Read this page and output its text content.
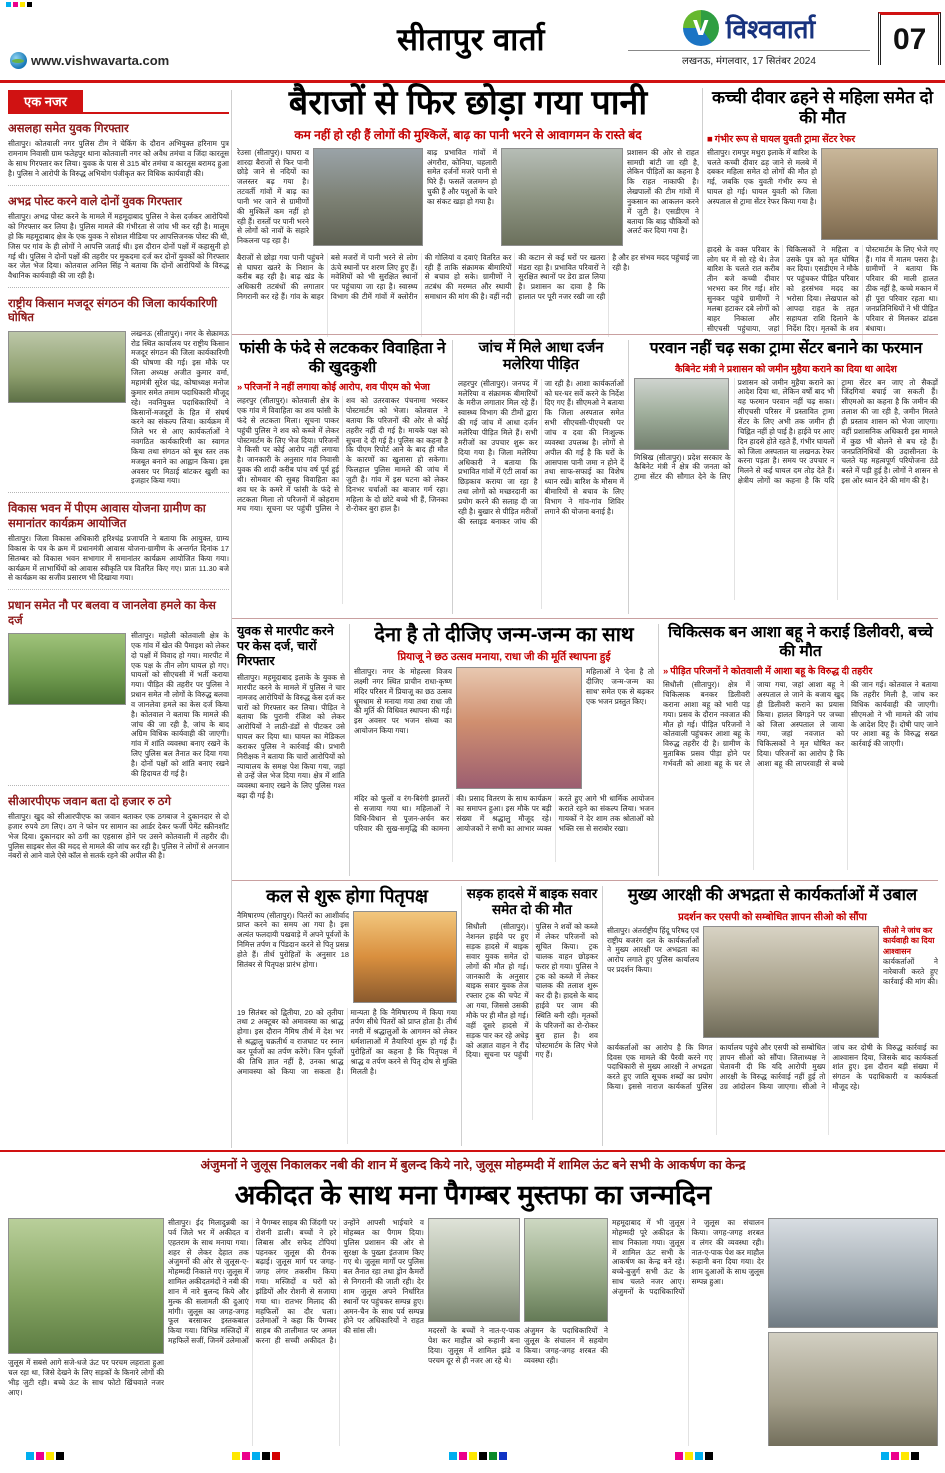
www.vishwavarta.com
सीतापुर वार्ता V	विश्ववार्ता
लखनऊ, मंगलवार, 17 सितंबर 2024
07
एक नजर
असलहा समेत युवक गिरफ्तार
सीतापुर। कोतवाली नगर पुलिस टीम ने चेकिंग के दौरान अभियुक्त हरिनाम पुत्र रामनाम निवासी ग्राम फतेहपुर थाना कोतवाली नगर को अवैध तमंचा व जिंदा कारतूस के साथ गिरफ्तार कर लिया। युवक के पास से 315 बोर तमंचा व कारतूस बरामद हुआ है। पुलिस ने आरोपी के विरुद्ध अभियोग पंजीकृत कर विधिक कार्यवाही की।
अभद्र पोस्ट करने वाले दोनों युवक गिरफ्तार
सीतापुर। अभद्र पोस्ट करने के मामले में महमूदाबाद पुलिस ने केस दर्जकर आरोपियों को गिरफ्तार कर लिया है। पुलिस मामले की गंभीरता से जांच भी कर रही है। मालूम हो कि महमूदाबाद क्षेत्र के एक युवक ने सोशल मीडिया पर आपत्तिजनक पोस्ट की थी, जिस पर गांव के ही लोगों ने आपत्ति जताई थी। इस दौरान दोनों पक्षों में कहासुनी हो गई थी। पुलिस ने दोनों पक्षों की तहरीर पर मुकदमा दर्ज कर दोनों युवकों को गिरफ्तार कर जेल भेज दिया। कोतवाल अनिल सिंह ने बताया कि दोनों आरोपियों के विरुद्ध वैधानिक कार्यवाही की जा रही है।
राष्ट्रीय किसान मजदूर संगठन की जिला कार्यकारिणी घोषित
लखनऊ (सीतापुर)। नगर के सेक्रामऊ रोड स्थित कार्यालय पर राष्ट्रीय किसान मजदूर संगठन की जिला कार्यकारिणी की घोषणा की गई। इस मौके पर जिला अध्यक्ष अजीत कुमार वर्मा, महामंत्री सुरेश चंद्र, कोषाध्यक्ष मनोज कुमार समेत तमाम पदाधिकारी मौजूद रहे। नवनियुक्त पदाधिकारियों ने किसानों-मजदूरों के हित में संघर्ष करने का संकल्प लिया। कार्यक्रम में जिले भर से आए कार्यकर्ताओं ने नवगठित कार्यकारिणी का स्वागत किया तथा संगठन को बूथ स्तर तक मजबूत बनाने का आह्वान किया। इस अवसर पर मिठाई बांटकर खुशी का इजहार किया गया।
विकास भवन में पीएम आवास योजना ग्रामीण का समानांतर कार्यक्रम आयोजित
सीतापुर। जिला विकास अधिकारी हरिश्चंद्र प्रजापति ने बताया कि आयुक्त, ग्राम्य विकास के पत्र के क्रम में प्रधानमंत्री आवास योजना-ग्रामीण के अन्तर्गत दिनांक 17 सितम्बर को विकास भवन सभागार में समानांतर कार्यक्रम आयोजित किया गया। कार्यक्रम में लाभार्थियों को आवास स्वीकृति पत्र वितरित किए गए। प्रातः 11.30 बजे से कार्यक्रम का सजीव प्रसारण भी दिखाया गया।
प्रधान समेत नौ पर बलवा व जानलेवा हमले का केस दर्ज
सीतापुर। महोली कोतवाली क्षेत्र के एक गांव में खेत की पैमाइश को लेकर दो पक्षों में विवाद हो गया। मारपीट में एक पक्ष के तीन लोग घायल हो गए। घायलों को सीएचसी में भर्ती कराया गया। पीड़ित की तहरीर पर पुलिस ने प्रधान समेत नौ लोगों के विरुद्ध बलवा व जानलेवा हमले का केस दर्ज किया है। कोतवाल ने बताया कि मामले की जांच की जा रही है, जांच के बाद अग्रिम विधिक कार्यवाही की जाएगी। गांव में शांति व्यवस्था बनाए रखने के लिए पुलिस बल तैनात कर दिया गया है। दोनों पक्षों को शांति बनाए रखने की हिदायत दी गई है।
सीआरपीएफ जवान बता दो हजार रु ठगे
सीतापुर। खुद को सीआरपीएफ का जवान बताकर एक ठगबाज ने दुकानदार से दो हजार रुपये ठग लिए। ठग ने फोन पर सामान का आर्डर देकर फर्जी पेमेंट स्क्रीनशॉट भेज दिया। दुकानदार को ठगी का एहसास होने पर उसने कोतवाली में तहरीर दी। पुलिस साइबर सेल की मदद से मामले की जांच कर रही है। पुलिस ने लोगों से अनजान नंबरों से आने वाले ऐसे कॉल से सतर्क रहने की अपील की है।
बैराजों से फिर छोड़ा गया पानी
कम नहीं हो रही हैं लोगों की मुश्किलें, बाढ़ का पानी भरने से आवागमन के रास्ते बंद
रेउसा (सीतापुर)। घाघरा व शारदा बैराजों से फिर पानी छोड़े जाने से नदियों का जलस्तर बढ़ गया है। तटवर्ती गांवों में बाढ़ का पानी भर जाने से ग्रामीणों की मुश्किलें कम नहीं हो रही हैं। रास्तों पर पानी भरने से लोगों को नावों के सहारे निकलना पड़ रहा है।
बाढ़ प्रभावित गांवों में अंगरौरा, कोनिया, चहलारी समेत दर्जनों मजरे पानी से घिरे हैं। फसलें जलमग्न हो चुकी हैं और पशुओं के चारे का संकट खड़ा हो गया है।
प्रशासन की ओर से राहत सामग्री बांटी जा रही है, लेकिन पीड़ितों का कहना है कि राहत नाकाफी है। लेखपालों की टीम गांवों में नुकसान का आकलन करने में जुटी है। एसडीएम ने बताया कि बाढ़ चौकियों को अलर्ट कर दिया गया है।
बैराजों से छोड़ा गया पानी पहुंचने से घाघरा खतरे के निशान के करीब बह रही है। बाढ़ खंड के अधिकारी तटबंधों की लगातार निगरानी कर रहे हैं। गांव के बाहर बसे मजरों में पानी भरने से लोग ऊंचे स्थानों पर शरण लिए हुए हैं। मवेशियों को भी सुरक्षित स्थानों पर पहुंचाया जा रहा है। स्वास्थ्य विभाग की टीमें गांवों में क्लोरीन की गोलियां व दवाएं वितरित कर रही हैं ताकि संक्रामक बीमारियों से बचाव हो सके। ग्रामीणों ने तटबंध की मरम्मत और स्थायी समाधान की मांग की है। वहीं नदी की कटान से कई घरों पर खतरा मंडरा रहा है। प्रभावित परिवारों ने सुरक्षित स्थानों पर डेरा डाल लिया है। प्रशासन का दावा है कि हालात पर पूरी नजर रखी जा रही है और हर संभव मदद पहुंचाई जा रही है।
कच्ची दीवार ढहने से महिला समेत दो की मौत
■ गंभीर रूप से घायल युवती ट्रामा सेंटर रेफर
सीतापुर। रामपुर मथुरा इलाके में बारिश के चलते कच्ची दीवार ढह जाने से मलबे में दबकर महिला समेत दो लोगों की मौत हो गई, जबकि एक युवती गंभीर रूप से घायल हो गई। घायल युवती को जिला अस्पताल से ट्रामा सेंटर रेफर किया गया है।
हादसे के वक्त परिवार के लोग घर में सो रहे थे। तेज बारिश के चलते रात करीब तीन बजे कच्ची दीवार भरभरा कर गिर गई। शोर सुनकर पहुंचे ग्रामीणों ने मलबा हटाकर दबे लोगों को बाहर निकाला और सीएचसी पहुंचाया, जहां चिकित्सकों ने महिला व उसके पुत्र को मृत घोषित कर दिया। एसडीएम ने मौके पर पहुंचकर पीड़ित परिवार को हरसंभव मदद का भरोसा दिया। लेखपाल को आपदा राहत के तहत सहायता राशि दिलाने के निर्देश दिए। मृतकों के शव पोस्टमार्टम के लिए भेजे गए हैं। गांव में मातम पसरा है। ग्रामीणों ने बताया कि परिवार की माली हालत ठीक नहीं है, कच्चे मकान में ही पूरा परिवार रहता था। जनप्रतिनिधियों ने भी पीड़ित परिवार से मिलकर ढांढस बंधाया।
फांसी के फंदे से लटककर विवाहिता ने की खुदकुशी
» परिजनों ने नहीं लगाया कोई आरोप, शव पीएम को भेजा
लहरपुर (सीतापुर)। कोतवाली क्षेत्र के एक गांव में विवाहिता का शव फांसी के फंदे से लटकता मिला। सूचना पाकर पहुंची पुलिस ने शव को कब्जे में लेकर पोस्टमार्टम के लिए भेज दिया। परिजनों ने किसी पर कोई आरोप नहीं लगाया है। जानकारी के अनुसार गांव निवासी युवक की शादी करीब पांच वर्ष पूर्व हुई थी। सोमवार की सुबह विवाहिता का शव घर के कमरे में फांसी के फंदे से लटकता मिला तो परिजनों में कोहराम मच गया। सूचना पर पहुंची पुलिस ने शव को उतरवाकर पंचनामा भरकर पोस्टमार्टम को भेजा। कोतवाल ने बताया कि परिजनों की ओर से कोई तहरीर नहीं दी गई है। मायके पक्ष को सूचना दे दी गई है। पुलिस का कहना है कि पीएम रिपोर्ट आने के बाद ही मौत के कारणों का खुलासा हो सकेगा। फिलहाल पुलिस मामले की जांच में जुटी है। गांव में इस घटना को लेकर दिनभर चर्चाओं का बाजार गर्म रहा। महिला के दो छोटे बच्चे भी हैं, जिनका रो-रोकर बुरा हाल है।
जांच में मिले आधा दर्जन मलेरिया पीड़ित
लहरपुर (सीतापुर)। जनपद में मलेरिया व संक्रामक बीमारियों के मरीज लगातार मिल रहे हैं। स्वास्थ्य विभाग की टीमों द्वारा की गई जांच में आधा दर्जन मलेरिया पीड़ित मिले हैं। सभी मरीजों का उपचार शुरू कर दिया गया है। जिला मलेरिया अधिकारी ने बताया कि प्रभावित गांवों में एंटी लार्वा का छिड़काव कराया जा रहा है तथा लोगों को मच्छरदानी का प्रयोग करने की सलाह दी जा रही है। बुखार से पीड़ित मरीजों की स्लाइड बनाकर जांच की जा रही है। आशा कार्यकर्ताओं को घर-घर सर्वे करने के निर्देश दिए गए हैं। सीएमओ ने बताया कि जिला अस्पताल समेत सभी सीएचसी-पीएचसी पर जांच व दवा की निःशुल्क व्यवस्था उपलब्ध है। लोगों से अपील की गई है कि घरों के आसपास पानी जमा न होने दें तथा साफ-सफाई का विशेष ध्यान रखें। बारिश के मौसम में बीमारियों से बचाव के लिए विभाग ने गांव-गांव शिविर लगाने की योजना बनाई है।
परवान नहीं चढ़ सका ट्रामा सेंटर बनाने का फरमान
कैबिनेट मंत्री ने प्रशासन को जमीन मुहैया कराने का दिया था आदेश
मिश्रिख (सीतापुर)। प्रदेश सरकार के कैबिनेट मंत्री ने क्षेत्र की जनता को ट्रामा सेंटर की सौगात देने के लिए प्रशासन को जमीन मुहैया कराने का आदेश दिया था, लेकिन वर्षों बाद भी यह फरमान परवान नहीं चढ़ सका। सीएचसी परिसर में प्रस्तावित ट्रामा सेंटर के लिए अभी तक जमीन ही चिह्नित नहीं हो पाई है। हाईवे पर आए दिन हादसे होते रहते हैं, गंभीर घायलों को जिला अस्पताल या लखनऊ रेफर करना पड़ता है। समय पर उपचार न मिलने से कई घायल दम तोड़ देते हैं। क्षेत्रीय लोगों का कहना है कि यदि ट्रामा सेंटर बन जाए तो सैकड़ों जिंदगियां बचाई जा सकती हैं। सीएमओ का कहना है कि जमीन की तलाश की जा रही है, जमीन मिलते ही प्रस्ताव शासन को भेजा जाएगा। वहीं प्रशासनिक अधिकारी इस मामले में कुछ भी बोलने से बच रहे हैं। जनप्रतिनिधियों की उदासीनता के चलते यह महत्वपूर्ण परियोजना ठंडे बस्ते में पड़ी हुई है। लोगों ने शासन से इस ओर ध्यान देने की मांग की है।
युवक से मारपीट करने पर केस दर्ज, चारों गिरफ्तार
सीतापुर। महमूदाबाद इलाके के युवक से मारपीट करने के मामले में पुलिस ने चार नामजद आरोपियों के विरुद्ध केस दर्ज कर चारों को गिरफ्तार कर लिया। पीड़ित ने बताया कि पुरानी रंजिश को लेकर आरोपियों ने लाठी-डंडों से पीटकर उसे घायल कर दिया था। घायल का मेडिकल कराकर पुलिस ने कार्रवाई की। प्रभारी निरीक्षक ने बताया कि चारों आरोपियों को न्यायालय के समक्ष पेश किया गया, जहां से उन्हें जेल भेज दिया गया। क्षेत्र में शांति व्यवस्था बनाए रखने के लिए पुलिस गश्त बढ़ा दी गई है।
देना है तो दीजिए जन्म-जन्म का साथ
प्रियाजू ने छठ उत्सव मनाया, राधा जी की मूर्ति स्थापना हुई
सीतापुर। नगर के मोहल्ला विजय लक्ष्मी नगर स्थित प्राचीन राधा-कृष्ण मंदिर परिसर में प्रियाजू का छठ उत्सव धूमधाम से मनाया गया तथा राधा जी की मूर्ति की विधिवत स्थापना की गई। इस अवसर पर भजन संध्या का आयोजन किया गया।
महिलाओं ने 'देना है तो दीजिए जन्म-जन्म का साथ' समेत एक से बढ़कर एक भजन प्रस्तुत किए।
मंदिर को फूलों व रंग-बिरंगी झालरों से सजाया गया था। महिलाओं ने विधि-विधान से पूजन-अर्चन कर परिवार की सुख-समृद्धि की कामना की। प्रसाद वितरण के साथ कार्यक्रम का समापन हुआ। इस मौके पर बड़ी संख्या में श्रद्धालु मौजूद रहे। आयोजकों ने सभी का आभार व्यक्त करते हुए आगे भी धार्मिक आयोजन कराते रहने का संकल्प लिया। भजन गायकों ने देर शाम तक श्रोताओं को भक्ति रस से सराबोर रखा।
चिकित्सक बन आशा बहू ने कराई डिलीवरी, बच्चे की मौत
» पीड़ित परिजनों ने कोतवाली में आशा बहू के विरुद्ध दी तहरीर
सिधौली (सीतापुर)। क्षेत्र में चिकित्सक बनकर डिलीवरी कराना आशा बहू को भारी पड़ गया। प्रसव के दौरान नवजात की मौत हो गई। पीड़ित परिजनों ने कोतवाली पहुंचकर आशा बहू के विरुद्ध तहरीर दी है। ग्रामीण के मुताबिक प्रसव पीड़ा होने पर गर्भवती को आशा बहू के घर ले जाया गया, जहां आशा बहू ने अस्पताल ले जाने के बजाय खुद ही डिलीवरी कराने का प्रयास किया। हालत बिगड़ने पर जच्चा को जिला अस्पताल ले जाया गया, जहां नवजात को चिकित्सकों ने मृत घोषित कर दिया। परिजनों का आरोप है कि आशा बहू की लापरवाही से बच्चे की जान गई। कोतवाल ने बताया कि तहरीर मिली है, जांच कर विधिक कार्यवाही की जाएगी। सीएमओ ने भी मामले की जांच के आदेश दिए हैं। दोषी पाए जाने पर आशा बहू के विरुद्ध सख्त कार्रवाई की जाएगी।
कल से शुरू होगा पितृपक्ष
नैमिषारण्य (सीतापुर)। पितरों का आशीर्वाद प्राप्त करने का समय आ गया है। इस अत्यंत फलदायी पखवाड़े में अपने पूर्वजों के निमित्त तर्पण व पिंडदान करने से पितृ प्रसन्न होते हैं। तीर्थ पुरोहितों के अनुसार 18 सितंबर से पितृपक्ष प्रारंभ होगा।
19 सितंबर को द्वितीया, 20 को तृतीया तथा 2 अक्टूबर को अमावस्या का श्राद्ध होगा। इस दौरान नैमिष तीर्थ में देश भर से श्रद्धालु चक्रतीर्थ व राजघाट पर स्नान कर पूर्वजों का तर्पण करेंगे। जिन पूर्वजों की तिथि ज्ञात नहीं है, उनका श्राद्ध अमावस्या को किया जा सकता है। मान्यता है कि नैमिषारण्य में किया गया तर्पण सीधे पितरों को प्राप्त होता है। तीर्थ नगरी में श्रद्धालुओं के आगमन को लेकर धर्मशालाओं में तैयारियां शुरू हो गई हैं। पुरोहितों का कहना है कि पितृपक्ष में श्राद्ध व तर्पण करने से पितृ दोष से मुक्ति मिलती है।
सड़क हादसे में बाइक सवार समेत दो की मौत
सिधौली (सीतापुर)। नेशनल हाईवे पर हुए सड़क हादसे में बाइक सवार युवक समेत दो लोगों की मौत हो गई। जानकारी के अनुसार बाइक सवार युवक तेज रफ्तार ट्रक की चपेट में आ गया, जिससे उसकी मौके पर ही मौत हो गई। वहीं दूसरे हादसे में सड़क पार कर रहे अधेड़ को अज्ञात वाहन ने रौंद दिया। सूचना पर पहुंची पुलिस ने शवों को कब्जे में लेकर परिजनों को सूचित किया। ट्रक चालक वाहन छोड़कर फरार हो गया। पुलिस ने ट्रक को कब्जे में लेकर चालक की तलाश शुरू कर दी है। हादसे के बाद हाईवे पर जाम की स्थिति बनी रही। मृतकों के परिजनों का रो-रोकर बुरा हाल है। शव पोस्टमार्टम के लिए भेजे गए हैं।
मुख्य आरक्षी की अभद्रता से कार्यकर्ताओं में उबाल
प्रदर्शन कर एसपी को सम्बोधित ज्ञापन सीओ को सौंपा
सीतापुर। अंतर्राष्ट्रीय हिंदू परिषद एवं राष्ट्रीय बजरंग दल के कार्यकर्ताओं ने मुख्य आरक्षी पर अभद्रता का आरोप लगाते हुए पुलिस कार्यालय पर प्रदर्शन किया।
सीओ ने जांच कर कार्यवाही का दिया आश्वासन
कार्यकर्ताओं ने नारेबाजी करते हुए कार्रवाई की मांग की।
कार्यकर्ताओं का आरोप है कि विगत दिवस एक मामले की पैरवी करने गए पदाधिकारी से मुख्य आरक्षी ने अभद्रता करते हुए जाति सूचक शब्दों का प्रयोग किया। इससे नाराज कार्यकर्ता पुलिस कार्यालय पहुंचे और एसपी को सम्बोधित ज्ञापन सीओ को सौंपा। जिलाध्यक्ष ने चेतावनी दी कि यदि आरोपी मुख्य आरक्षी के विरुद्ध कार्रवाई नहीं हुई तो उग्र आंदोलन किया जाएगा। सीओ ने जांच कर दोषी के विरुद्ध कार्रवाई का आश्वासन दिया, जिसके बाद कार्यकर्ता शांत हुए। इस दौरान बड़ी संख्या में संगठन के पदाधिकारी व कार्यकर्ता मौजूद रहे।
अंजुमनों ने जुलूस निकालकर नबी की शान में बुलन्द किये नारे, जुलूस मोहम्मदी में शामिल ऊंट बने सभी के आकर्षण का केन्द्र
अकीदत के साथ मना पैगम्बर मुस्तफा का जन्मदिन
जुलूस में सबसे आगे सजे-धजे ऊंट पर परचम लहराता हुआ चल रहा था, जिसे देखने के लिए सड़कों के किनारे लोगों की भीड़ जुटी रही। बच्चे ऊंट के साथ फोटो खिंचवाते नजर आए।
सीतापुर। ईद मिलादुन्नबी का पर्व जिले भर में अकीदत व एहतराम के साथ मनाया गया। शहर से लेकर देहात तक अंजुमनों की ओर से जुलूस-ए-मोहम्मदी निकाले गए। जुलूस में शामिल अकीदतमंदों ने नबी की शान में नारे बुलन्द किये और मुल्क की सलामती की दुआएं मांगी। जुलूस का जगह-जगह फूल बरसाकर इस्तकबाल किया गया। विभिन्न मस्जिदों में महफिलें सजीं, जिनमें उलेमाओं ने पैगम्बर साहब की जिंदगी पर रोशनी डाली। बच्चों ने हरे लिबास और सफेद टोपियां पहनकर जुलूस की रौनक बढ़ाई। जुलूस मार्ग पर जगह-जगह लंगर तकसीम किया गया। मस्जिदों व घरों को झंडियों और रोशनी से सजाया गया था। रातभर मिलाद की महफिलों का दौर चला। उलेमाओं ने कहा कि पैगम्बर साहब की तालीमात पर अमल करना ही सच्ची अकीदत है। उन्होंने आपसी भाईचारे व मोहब्बत का पैगाम दिया। पुलिस प्रशासन की ओर से सुरक्षा के पुख्ता इंतजाम किए गए थे। जुलूस मार्गों पर पुलिस बल तैनात रहा तथा ड्रोन कैमरों से निगरानी की जाती रही। देर शाम जुलूस अपने निर्धारित स्थानों पर पहुंचकर सम्पन्न हुए। अमन-चैन के साथ पर्व सम्पन्न होने पर अधिकारियों ने राहत की सांस ली।	मदरसों के बच्चों ने नात-ए-पाक पेश कर माहौल को रूहानी बना दिया। जुलूस में शामिल झंडे व परचम दूर से ही नजर आ रहे थे।
अंजुमन के पदाधिकारियों ने जुलूस के संचालन में सहयोग किया। जगह-जगह शरबत की व्यवस्था रही।
महमूदाबाद में भी जुलूस मोहम्मदी पूरे अकीदत के साथ निकाला गया। जुलूस में शामिल ऊंट सभी के आकर्षण का केन्द्र बने रहे। बच्चे-बुजुर्ग सभी ऊंट के साथ चलते नजर आए। अंजुमनों के पदाधिकारियों ने जुलूस का संचालन किया। जगह-जगह शरबत व लंगर की व्यवस्था रही। नात-ए-पाक पेश कर माहौल रूहानी बना दिया गया। देर शाम दुआओं के साथ जुलूस सम्पन्न हुआ।
